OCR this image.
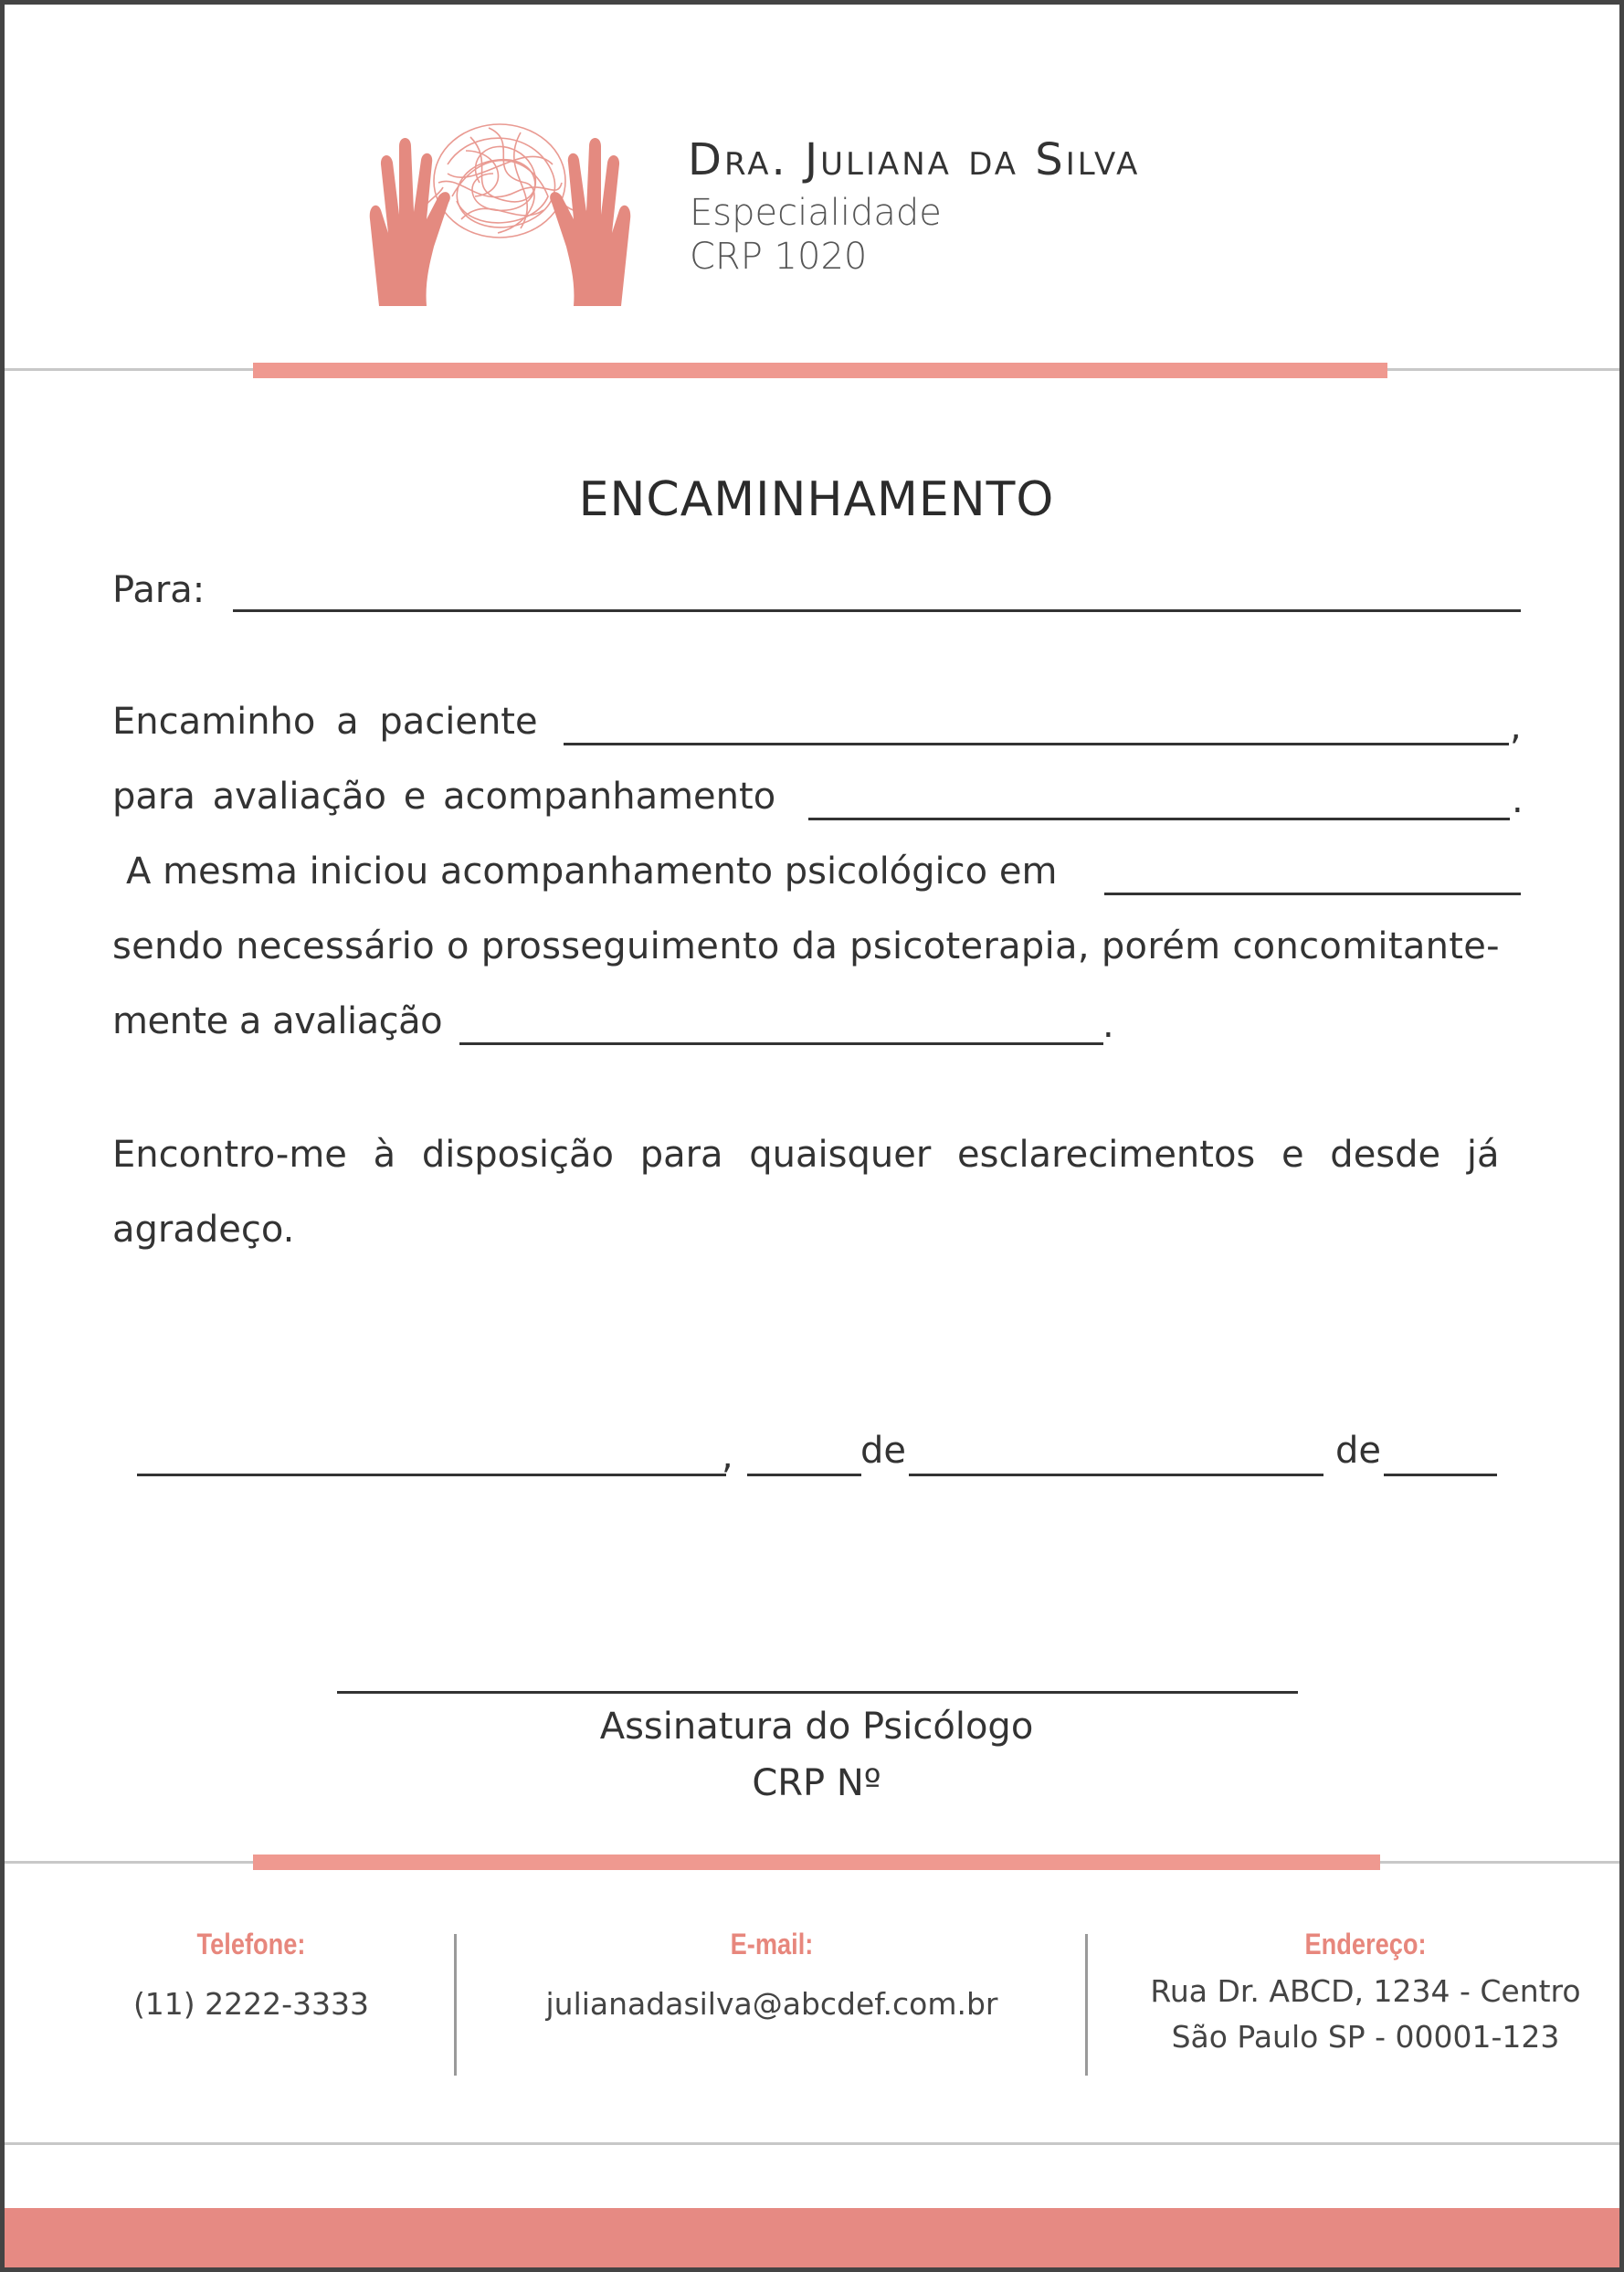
Dra. Juliana da Silva
Especialidade
CRP 1020
ENCAMINHAMENTO
Para:
Encaminho a paciente	,
para avaliação e acompanhamento	.
A mesma iniciou acompanhamento psicológico em
sendo necessário o prosseguimento da psicoterapia, porém concomitante-
mente a avaliação	.
Encontro-me à disposição para quaisquer esclarecimentos e desde já
agradeço.
,	de	de
Assinatura do Psicólogo
CRP Nº
Telefone:
(11) 2222-3333
E-mail:
julianadasilva@abcdef.com.br
Endereço:
Rua Dr. ABCD, 1234 - Centro
São Paulo SP - 00001-123
